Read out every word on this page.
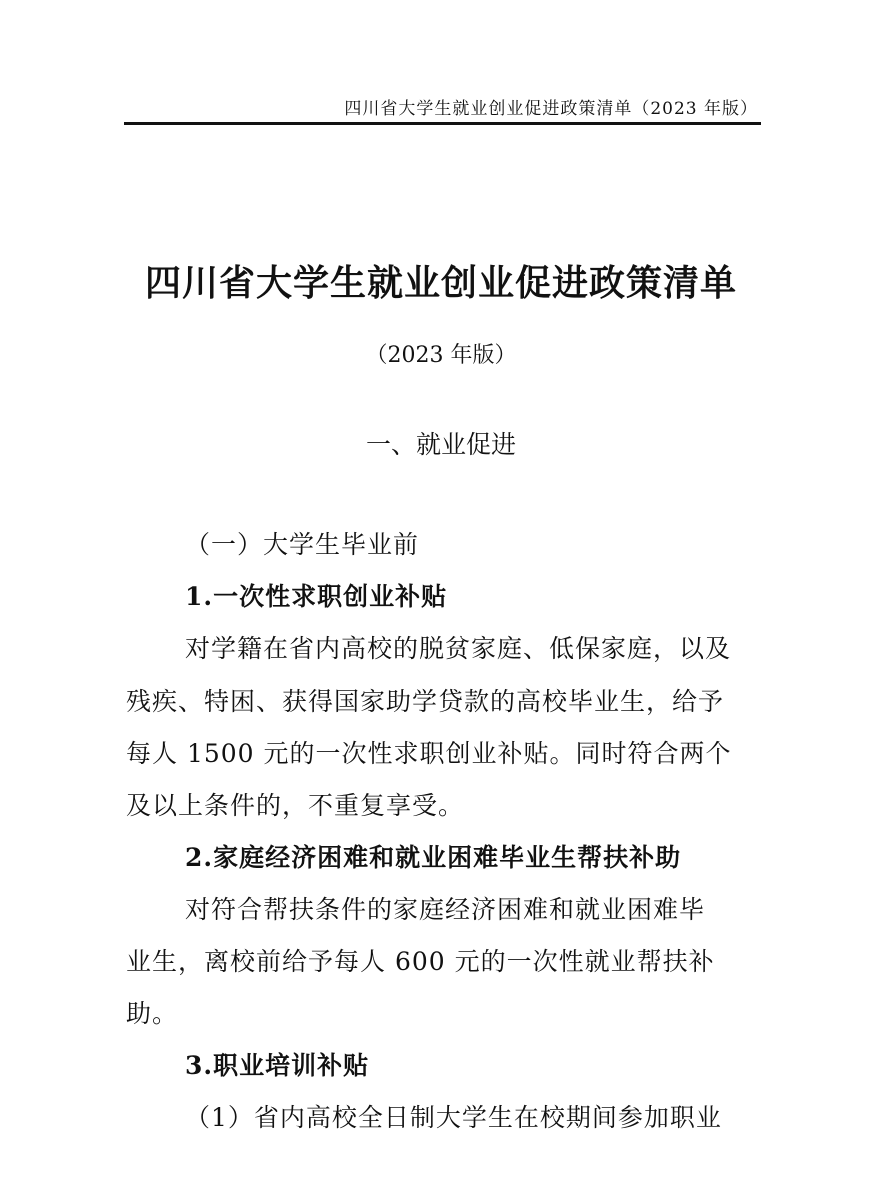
四川省大学生就业创业促进政策清单（2023 年版）
四川省大学生就业创业促进政策清单
（2023 年版）
一、就业促进
（一）大学生毕业前
1.一次性求职创业补贴
对学籍在省内高校的脱贫家庭、低保家庭，以及
残疾、特困、获得国家助学贷款的高校毕业生，给予
每人 1500 元的一次性求职创业补贴。同时符合两个
及以上条件的，不重复享受。
2.家庭经济困难和就业困难毕业生帮扶补助
对符合帮扶条件的家庭经济困难和就业困难毕
业生，离校前给予每人 600 元的一次性就业帮扶补
助。
3.职业培训补贴
（1）省内高校全日制大学生在校期间参加职业
